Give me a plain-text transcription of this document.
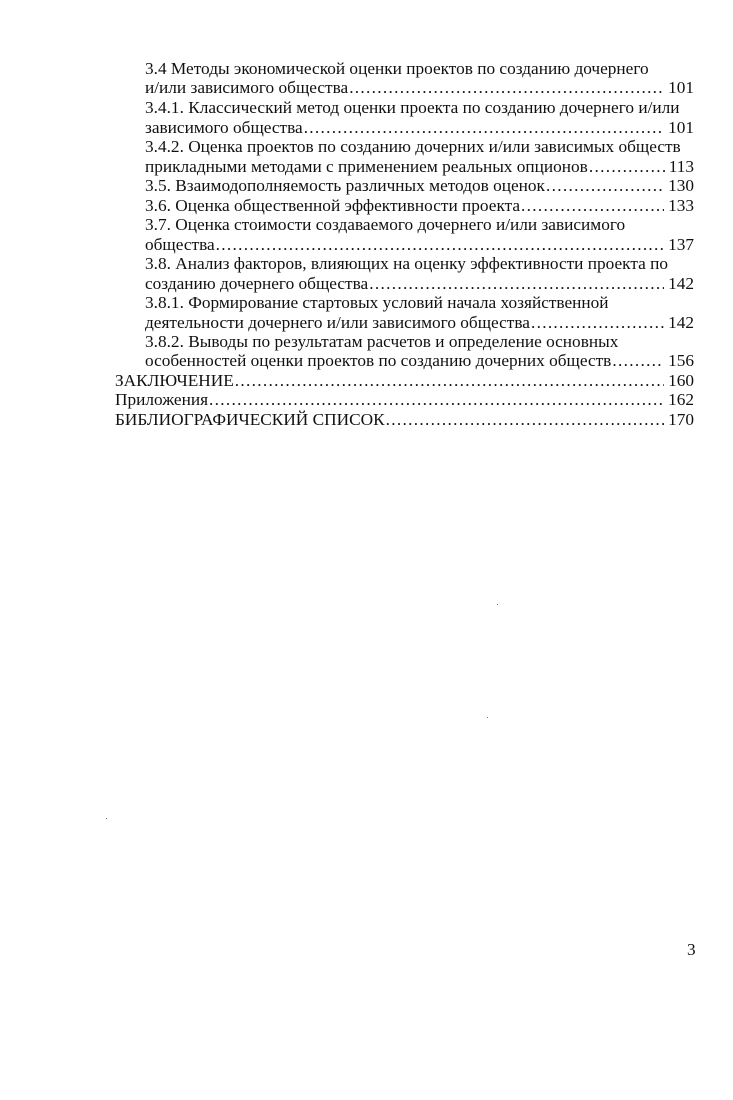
3.4 Методы экономической оценки проектов по созданию дочернего
и/или зависимого общества .....	101
3.4.1. Классический метод оценки проекта по созданию дочернего и/или
зависимого общества .....	101
3.4.2. Оценка проектов по созданию дочерних и/или зависимых обществ
прикладными методами с применением реальных опционов .....	113
3.5. Взаимодополняемость различных методов оценок .....	130
3.6. Оценка общественной эффективности проекта .....	133
3.7. Оценка стоимости создаваемого дочернего и/или зависимого
общества .....	137
3.8. Анализ факторов, влияющих на оценку эффективности проекта по
созданию дочернего общества .....	142
3.8.1. Формирование стартовых условий начала хозяйственной
деятельности дочернего и/или зависимого общества .....	142
3.8.2. Выводы по результатам расчетов и определение основных
особенностей оценки проектов по созданию дочерних обществ .....	156
ЗАКЛЮЧЕНИЕ .....	160
Приложения .....	162
БИБЛИОГРАФИЧЕСКИЙ СПИСОК .....	170
3
